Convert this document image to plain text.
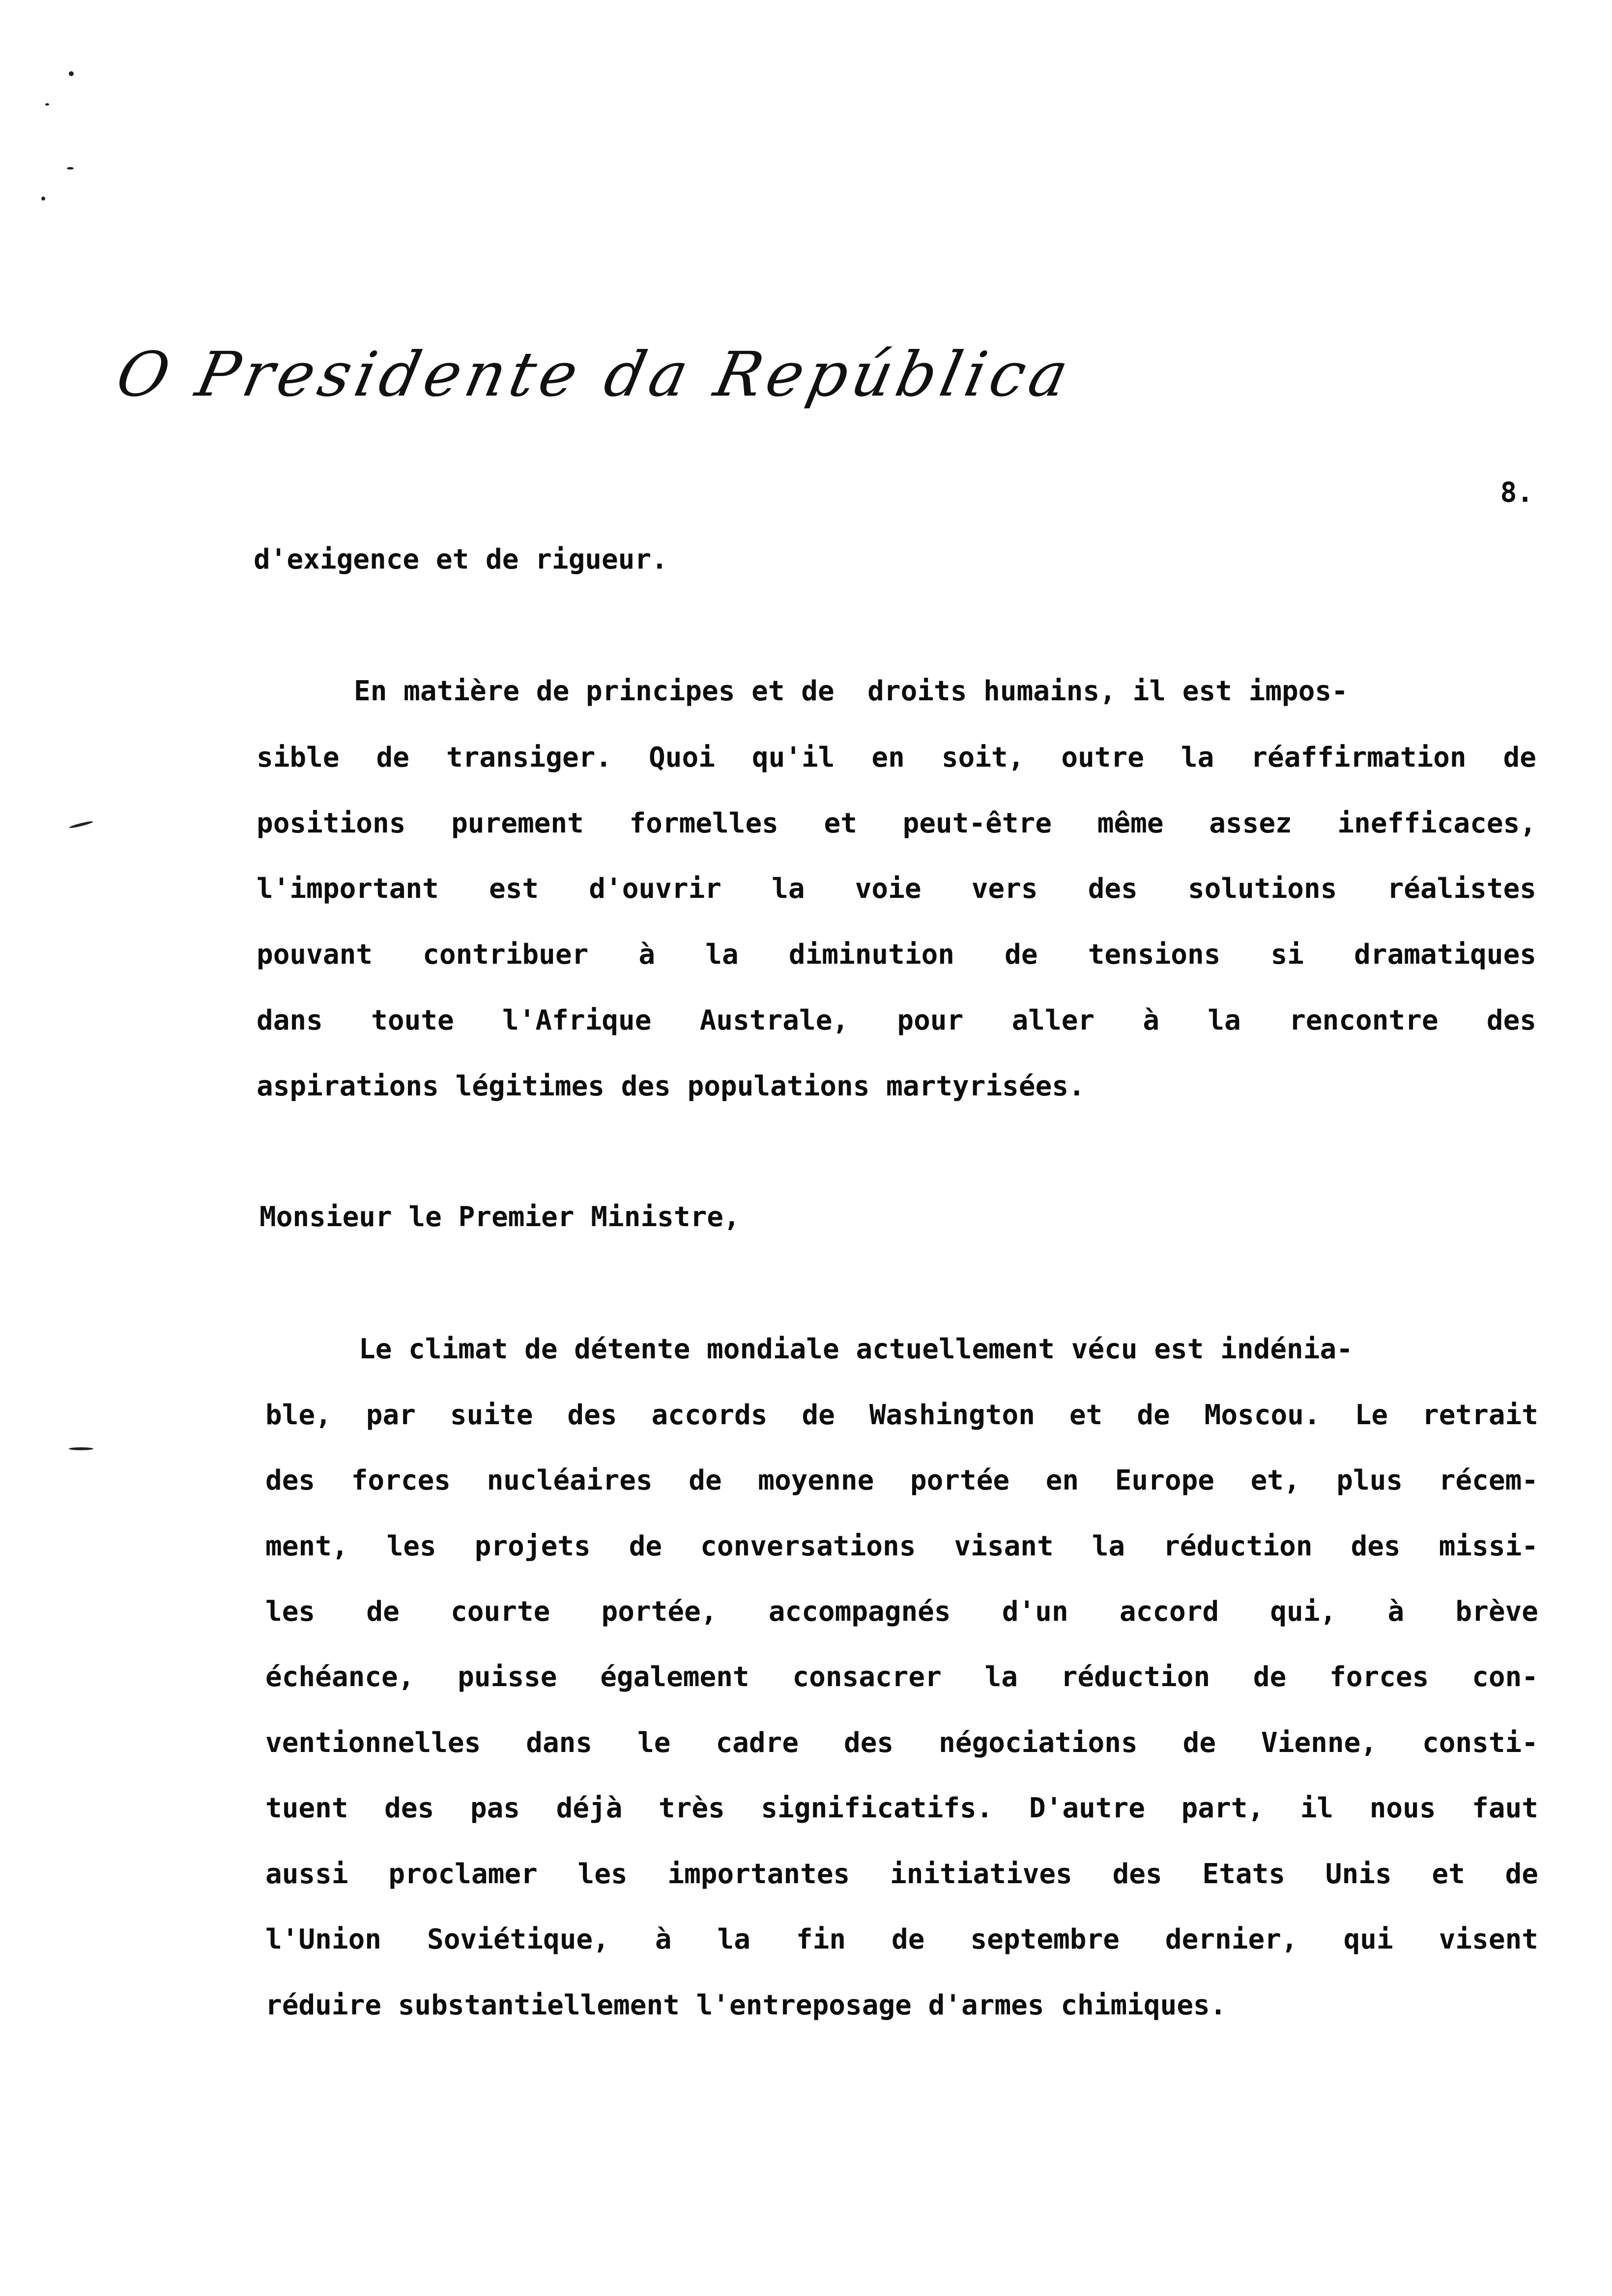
O Presidente da República
8.
d'exigence et de rigueur.
En matière de principes et de  droits humains, il est impos-
sible de transiger. Quoi qu'il en soit, outre la réaffirmation de
positions purement formelles et peut-être même assez inefficaces,
l'important est d'ouvrir la voie vers des solutions réalistes
pouvant contribuer à la diminution de tensions si dramatiques
dans toute l'Afrique Australe, pour aller à la rencontre des
aspirations légitimes des populations martyrisées.
Monsieur le Premier Ministre,
Le climat de détente mondiale actuellement vécu est indénia-
ble, par suite des accords de Washington et de Moscou. Le retrait
des forces nucléaires de moyenne portée en Europe et, plus récem-
ment, les projets de conversations visant la réduction des missi-
les de courte portée, accompagnés d'un accord qui, à brève
échéance, puisse également consacrer la réduction de forces con-
ventionnelles dans le cadre des négociations de Vienne, consti-
tuent des pas déjà très significatifs. D'autre part, il nous faut
aussi proclamer les importantes initiatives des Etats Unis et de
l'Union Soviétique, à la fin de septembre dernier, qui visent
réduire substantiellement l'entreposage d'armes chimiques.
